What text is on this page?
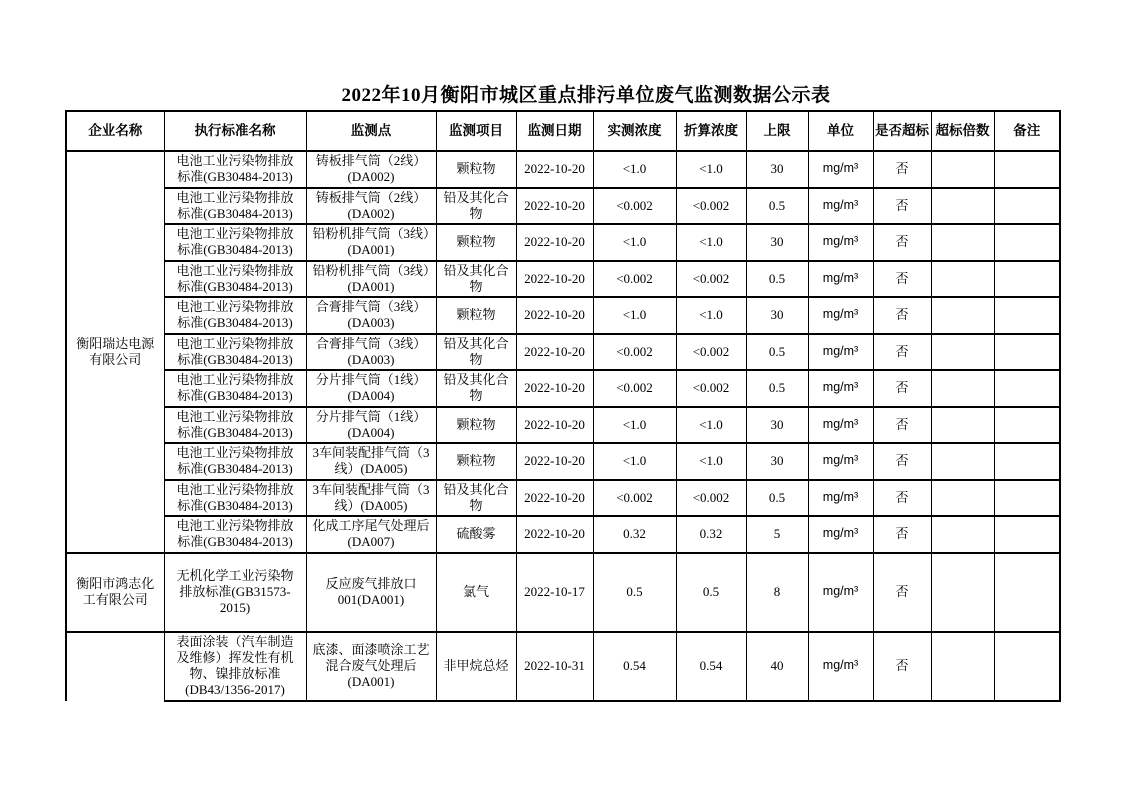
2022年10月衡阳市城区重点排污单位废气监测数据公示表
企业名称	执行标准名称	监测点	监测项目	监测日期	实测浓度	折算浓度	上限	单位	是否超标	超标倍数	备注
衡阳瑞达电源有限公司	电池工业污染物排放标准(GB30484-2013)	铸板排气筒（2线）(DA002)	颗粒物	2022-10-20	<1.0	<1.0	30	mg/m³	否		
	电池工业污染物排放标准(GB30484-2013)	铸板排气筒（2线）(DA002)	铅及其化合物	2022-10-20	<0.002	<0.002	0.5	mg/m³	否		
	电池工业污染物排放标准(GB30484-2013)	铅粉机排气筒（3线）(DA001)	颗粒物	2022-10-20	<1.0	<1.0	30	mg/m³	否		
	电池工业污染物排放标准(GB30484-2013)	铅粉机排气筒（3线）(DA001)	铅及其化合物	2022-10-20	<0.002	<0.002	0.5	mg/m³	否		
	电池工业污染物排放标准(GB30484-2013)	合膏排气筒（3线）(DA003)	颗粒物	2022-10-20	<1.0	<1.0	30	mg/m³	否		
	电池工业污染物排放标准(GB30484-2013)	合膏排气筒（3线）(DA003)	铅及其化合物	2022-10-20	<0.002	<0.002	0.5	mg/m³	否		
	电池工业污染物排放标准(GB30484-2013)	分片排气筒（1线）(DA004)	铅及其化合物	2022-10-20	<0.002	<0.002	0.5	mg/m³	否		
	电池工业污染物排放标准(GB30484-2013)	分片排气筒（1线）(DA004)	颗粒物	2022-10-20	<1.0	<1.0	30	mg/m³	否		
	电池工业污染物排放标准(GB30484-2013)	3车间装配排气筒（3线）(DA005)	颗粒物	2022-10-20	<1.0	<1.0	30	mg/m³	否		
	电池工业污染物排放标准(GB30484-2013)	3车间装配排气筒（3线）(DA005)	铅及其化合物	2022-10-20	<0.002	<0.002	0.5	mg/m³	否		
	电池工业污染物排放标准(GB30484-2013)	化成工序尾气处理后(DA007)	硫酸雾	2022-10-20	0.32	0.32	5	mg/m³	否		
衡阳市鸿志化工有限公司	无机化学工业污染物排放标准(GB31573-2015)	反应废气排放口001(DA001)	氯气	2022-10-17	0.5	0.5	8	mg/m³	否		
	表面涂装（汽车制造及维修）挥发性有机物、镍排放标准(DB43/1356-2017)	底漆、面漆喷涂工艺混合废气处理后(DA001)	非甲烷总烃	2022-10-31	0.54	0.54	40	mg/m³	否		
